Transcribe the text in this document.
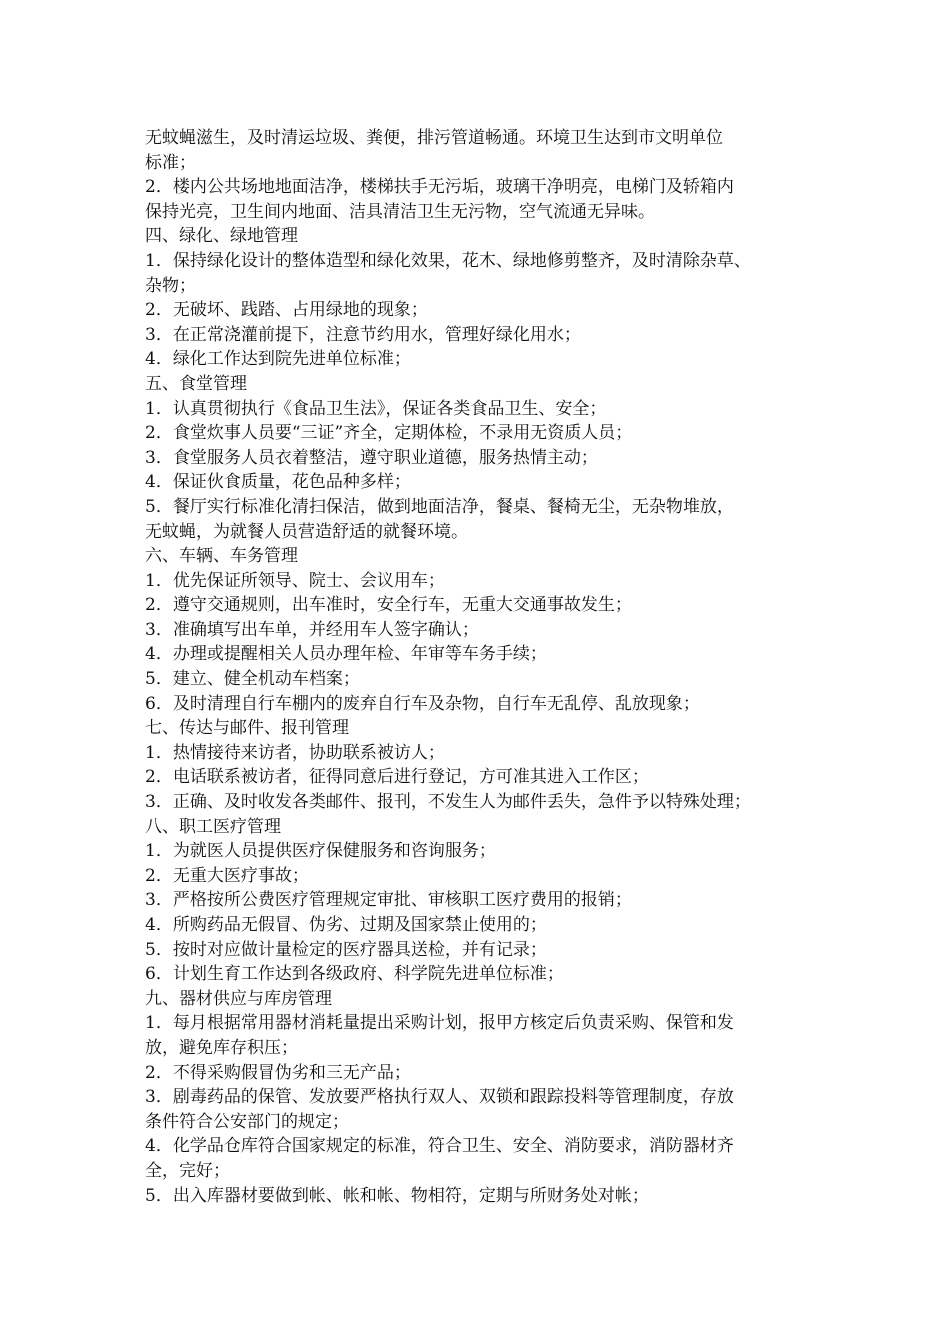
无蚊蝇滋生，及时清运垃圾、粪便，排污管道畅通。环境卫生达到市文明单位
标准；
2．楼内公共场地地面洁净，楼梯扶手无污垢，玻璃干净明亮，电梯门及轿箱内
保持光亮，卫生间内地面、洁具清洁卫生无污物，空气流通无异味。
四、绿化、绿地管理
1．保持绿化设计的整体造型和绿化效果，花木、绿地修剪整齐，及时清除杂草、
杂物；
2．无破坏、践踏、占用绿地的现象；
3．在正常浇灌前提下，注意节约用水，管理好绿化用水；
4．绿化工作达到院先进单位标准；
五、食堂管理
1．认真贯彻执行《食品卫生法》，保证各类食品卫生、安全；
2．食堂炊事人员要“三证”齐全，定期体检，不录用无资质人员；
3．食堂服务人员衣着整洁，遵守职业道德，服务热情主动；
4．保证伙食质量，花色品种多样；
5．餐厅实行标准化清扫保洁，做到地面洁净，餐桌、餐椅无尘，无杂物堆放，
无蚊蝇，为就餐人员营造舒适的就餐环境。
六、车辆、车务管理
1．优先保证所领导、院士、会议用车；
2．遵守交通规则，出车准时，安全行车，无重大交通事故发生；
3．准确填写出车单，并经用车人签字确认；
4．办理或提醒相关人员办理年检、年审等车务手续；
5．建立、健全机动车档案；
6．及时清理自行车棚内的废弃自行车及杂物，自行车无乱停、乱放现象；
七、传达与邮件、报刊管理
1．热情接待来访者，协助联系被访人；
2．电话联系被访者，征得同意后进行登记，方可准其进入工作区；
3．正确、及时收发各类邮件、报刊，不发生人为邮件丢失，急件予以特殊处理；
八、职工医疗管理
1．为就医人员提供医疗保健服务和咨询服务；
2．无重大医疗事故；
3．严格按所公费医疗管理规定审批、审核职工医疗费用的报销；
4．所购药品无假冒、伪劣、过期及国家禁止使用的；
5．按时对应做计量检定的医疗器具送检，并有记录；
6．计划生育工作达到各级政府、科学院先进单位标准；
九、器材供应与库房管理
1．每月根据常用器材消耗量提出采购计划，报甲方核定后负责采购、保管和发
放，避免库存积压；
2．不得采购假冒伪劣和三无产品；
3．剧毒药品的保管、发放要严格执行双人、双锁和跟踪投料等管理制度，存放
条件符合公安部门的规定；
4．化学品仓库符合国家规定的标准，符合卫生、安全、消防要求，消防器材齐
全，完好；
5．出入库器材要做到帐、帐和帐、物相符，定期与所财务处对帐；
